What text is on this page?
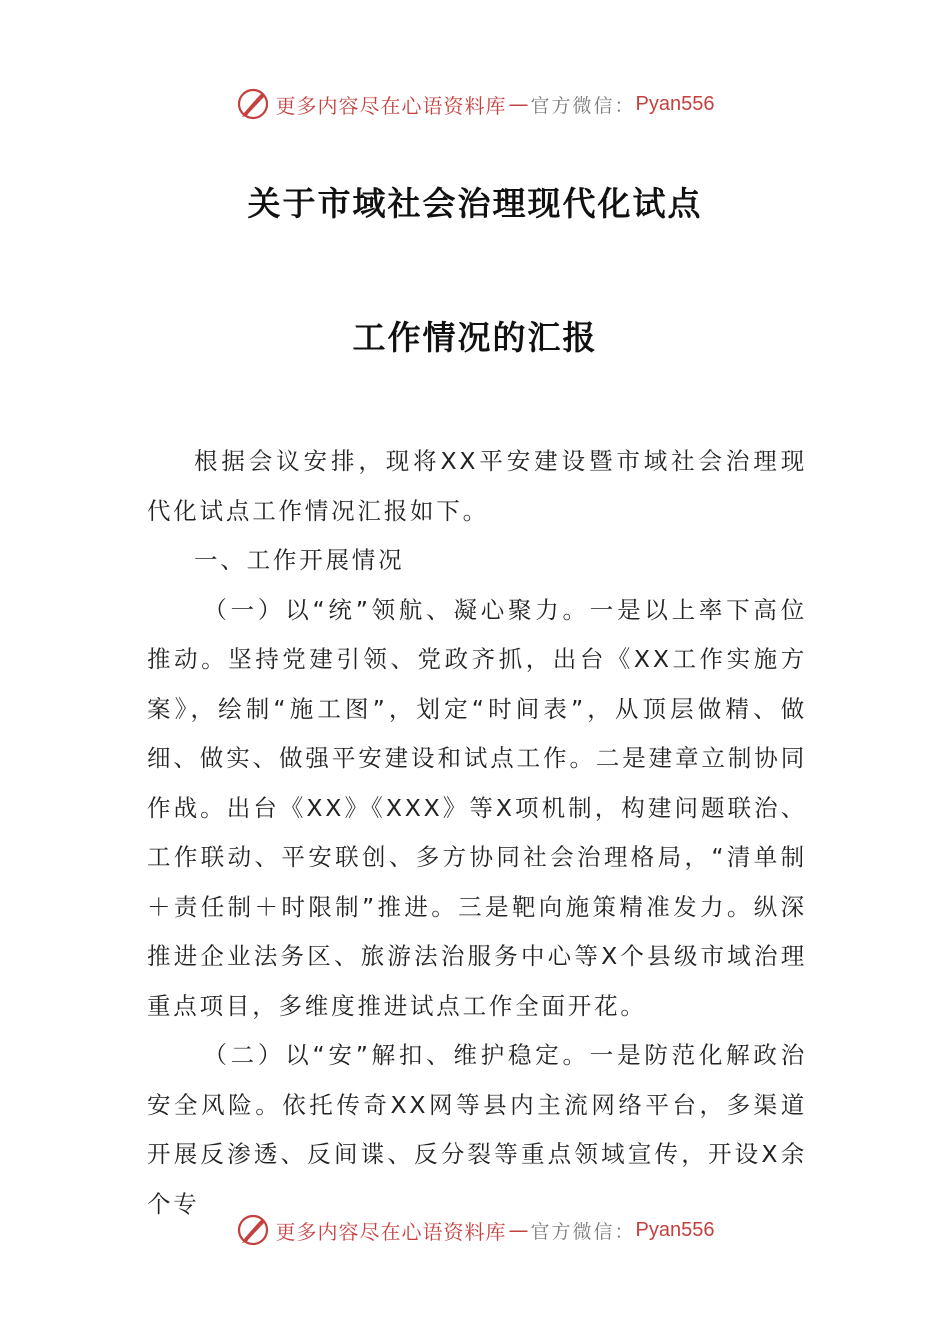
更多内容尽在心语资料库 — 官方微信： Pyan556
关于市域社会治理现代化试点
工作情况的汇报

根据会议安排，现将XX平安建设暨市域社会治理现代化试点工作情况汇报如下。

一、工作开展情况

（一）以“统”领航、凝心聚力。一是以上率下高位推动。坚持党建引领、党政齐抓，出台《XX工作实施方案》，绘制“施工图”，划定“时间表”，从顶层做精、做细、做实、做强平安建设和试点工作。二是建章立制协同作战。出台《XX》《XXX》等X项机制，构建问题联治、工作联动、平安联创、多方协同社会治理格局，“清单制＋责任制＋时限制”推进。三是靶向施策精准发力。纵深推进企业法务区、旅游法治服务中心等X个县级市域治理重点项目，多维度推进试点工作全面开花。

（二）以“安”解扣、维护稳定。一是防范化解政治安全风险。依托传奇XX网等县内主流网络平台，多渠道开展反渗透、反间谍、反分裂等重点领域宣传，开设X余个专

更多内容尽在心语资料库 — 官方微信： Pyan556
